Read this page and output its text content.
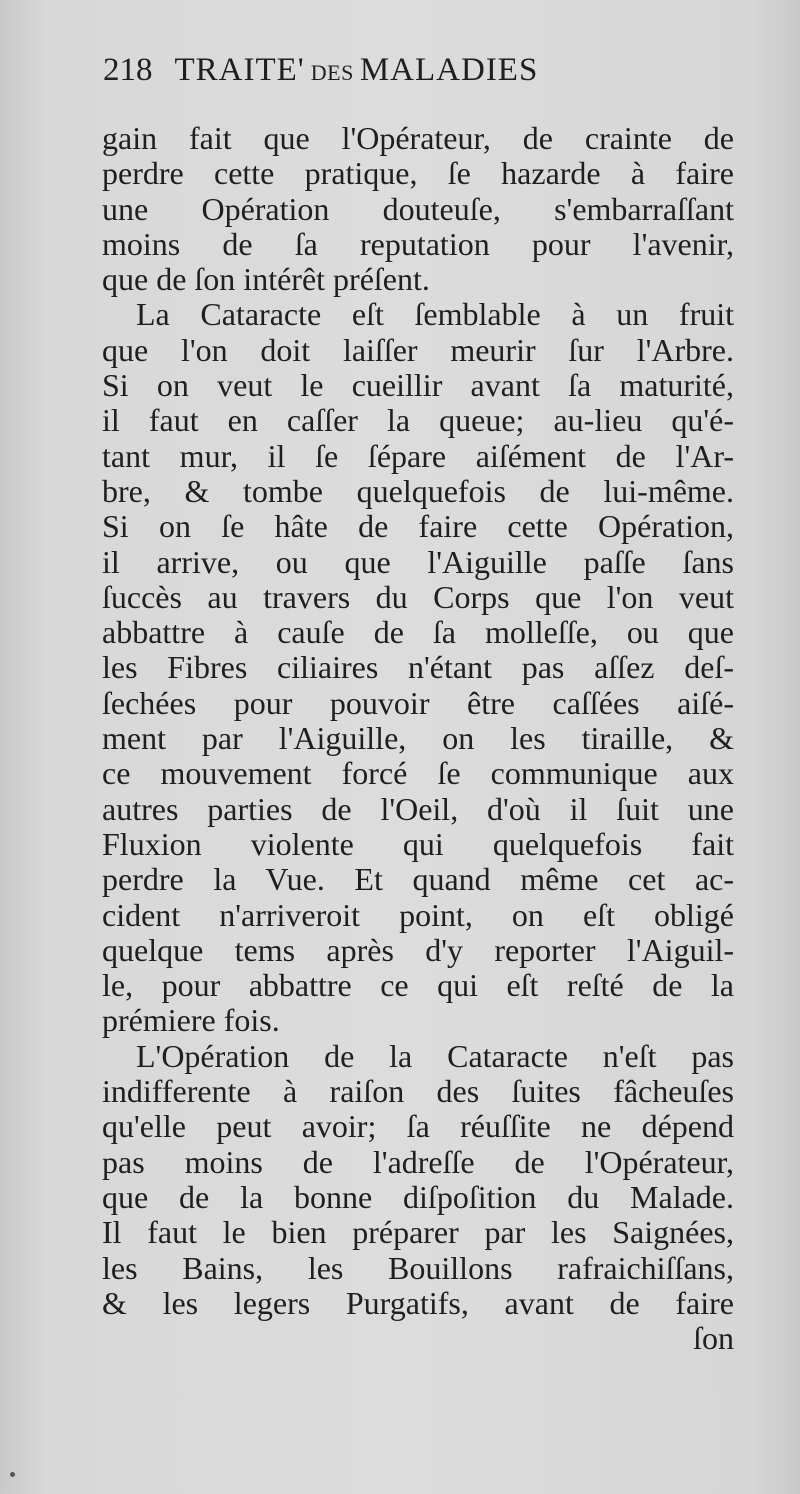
218 TRAITE' DES MALADIES
gain fait que l'Opérateur, de crainte de
perdre cette pratique, ſe hazarde à faire
une Opération douteuſe, s'embarraſſant
moins de ſa reputation pour l'avenir,
que de ſon intérêt préſent.
La Cataracte eſt ſemblable à un fruit
que l'on doit laiſſer meurir ſur l'Arbre.
Si on veut le cueillir avant ſa maturité,
il faut en caſſer la queue; au-lieu qu'é-
tant mur, il ſe ſépare aiſément de l'Ar-
bre, & tombe quelquefois de lui-même.
Si on ſe hâte de faire cette Opération,
il arrive, ou que l'Aiguille paſſe ſans
ſuccès au travers du Corps que l'on veut
abbattre à cauſe de ſa molleſſe, ou que
les Fibres ciliaires n'étant pas aſſez deſ-
ſechées pour pouvoir être caſſées aiſé-
ment par l'Aiguille, on les tiraille, &
ce mouvement forcé ſe communique aux
autres parties de l'Oeil, d'où il ſuit une
Fluxion violente qui quelquefois fait
perdre la Vue. Et quand même cet ac-
cident n'arriveroit point, on eſt obligé
quelque tems après d'y reporter l'Aiguil-
le, pour abbattre ce qui eſt reſté de la
prémiere fois.
L'Opération de la Cataracte n'eſt pas
indifferente à raiſon des ſuites fâcheuſes
qu'elle peut avoir; ſa réuſſite ne dépend
pas moins de l'adreſſe de l'Opérateur,
que de la bonne diſpoſition du Malade.
Il faut le bien préparer par les Saignées,
les Bains, les Bouillons rafraichiſſans,
& les legers Purgatifs, avant de faire
ſon
